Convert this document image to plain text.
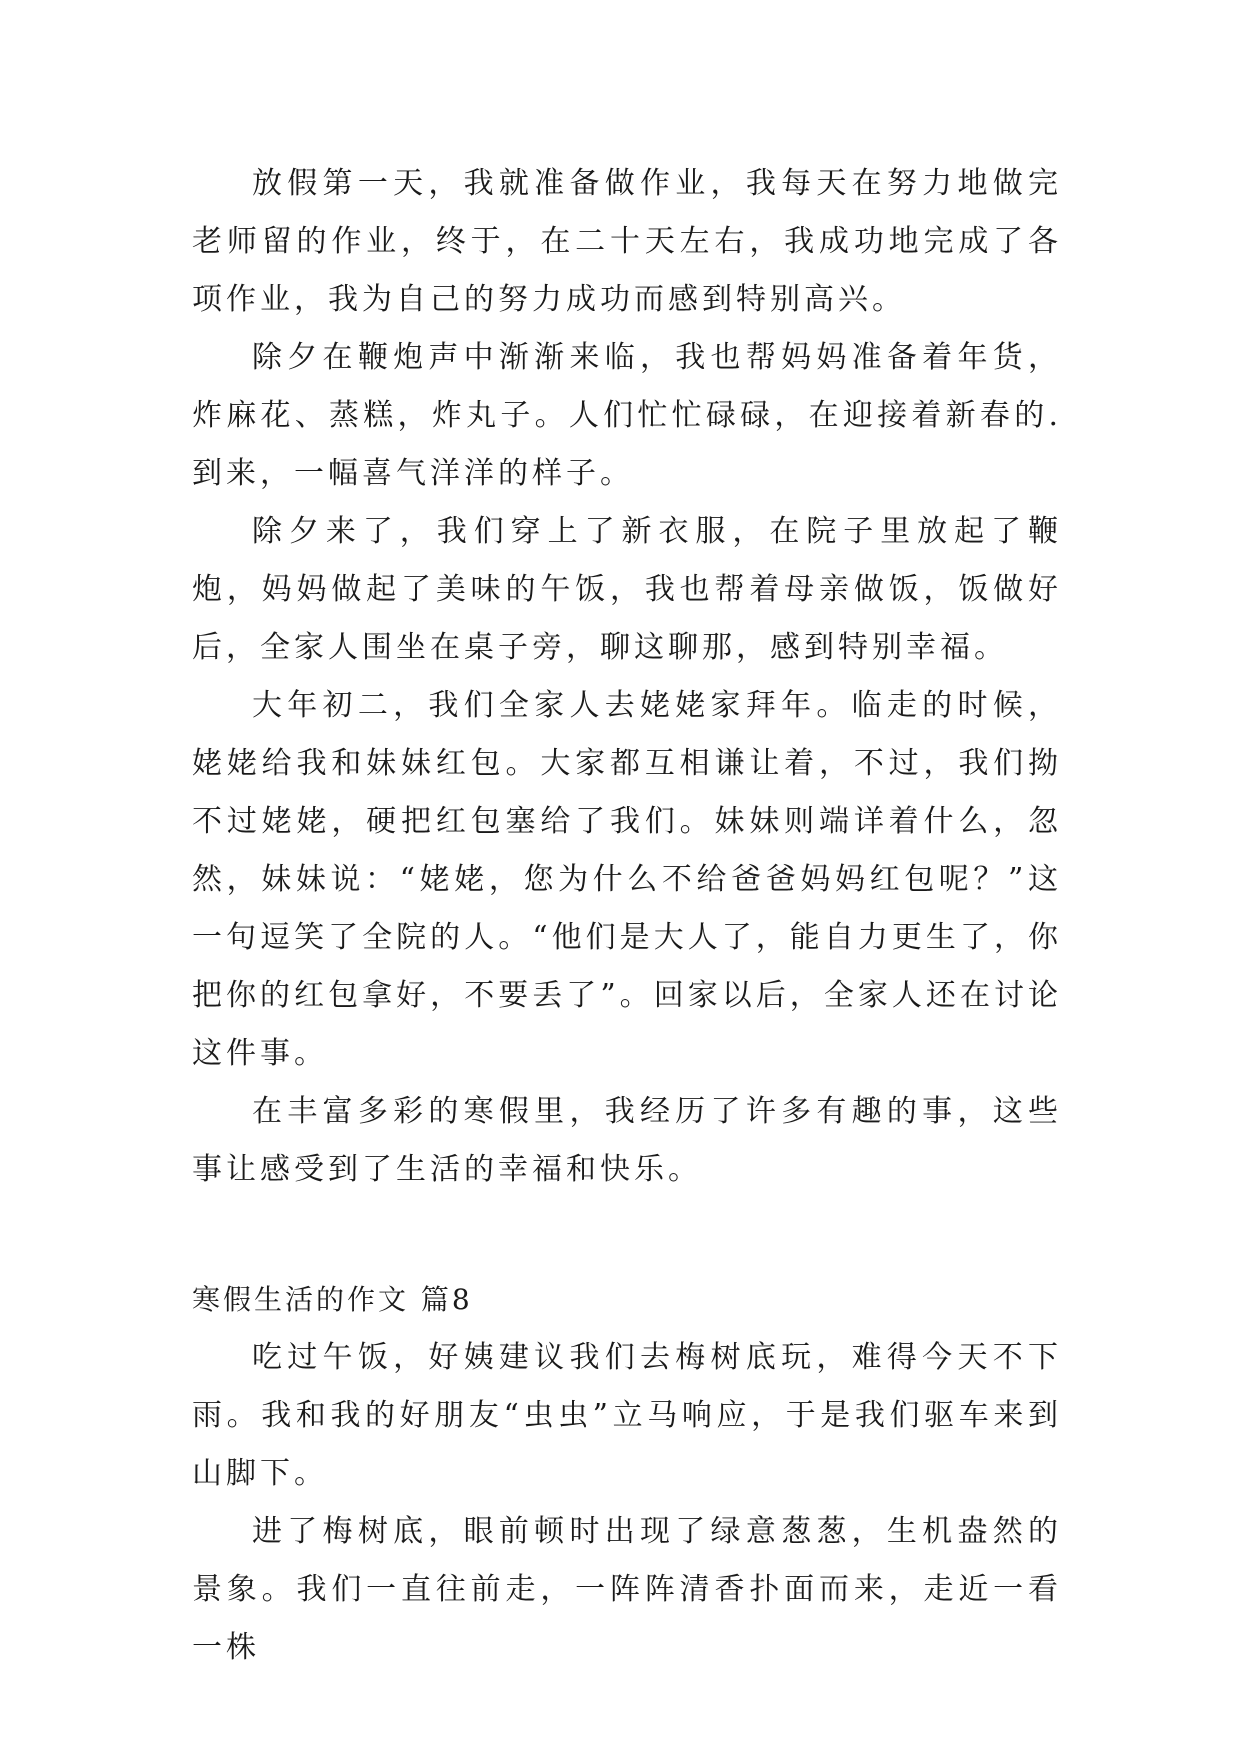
放假第一天，我就准备做作业，我每天在努力地做完老师留的作业，终于，在二十天左右，我成功地完成了各项作业，我为自己的努力成功而感到特别高兴。

除夕在鞭炮声中渐渐来临，我也帮妈妈准备着年货，炸麻花、蒸糕，炸丸子。人们忙忙碌碌，在迎接着新春的.到来，一幅喜气洋洋的样子。

除夕来了，我们穿上了新衣服，在院子里放起了鞭炮，妈妈做起了美味的午饭，我也帮着母亲做饭，饭做好后，全家人围坐在桌子旁，聊这聊那，感到特别幸福。

大年初二，我们全家人去姥姥家拜年。临走的时候，姥姥给我和妹妹红包。大家都互相谦让着，不过，我们拗不过姥姥，硬把红包塞给了我们。妹妹则端详着什么，忽然，妹妹说：“姥姥，您为什么不给爸爸妈妈红包呢？”这一句逗笑了全院的人。“他们是大人了，能自力更生了，你把你的红包拿好，不要丢了”。回家以后，全家人还在讨论这件事。

在丰富多彩的寒假里，我经历了许多有趣的事，这些事让感受到了生活的幸福和快乐。

寒假生活的作文 篇8

吃过午饭，好姨建议我们去梅树底玩，难得今天不下雨。我和我的好朋友“虫虫”立马响应，于是我们驱车来到山脚下。

进了梅树底，眼前顿时出现了绿意葱葱，生机盎然的景象。我们一直往前走，一阵阵清香扑面而来，走近一看一株
